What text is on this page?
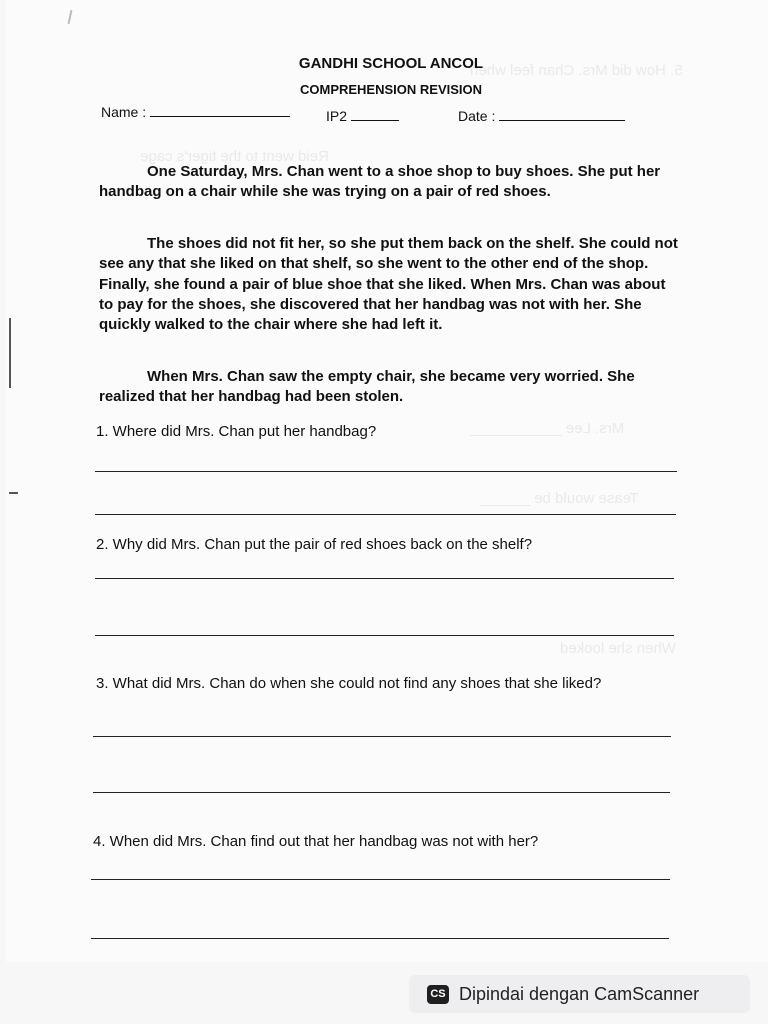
5. How did Mrs. Chan feel when
Reid went to the tiger's cage
Mrs. Lee ___________
Tease would be ______
When she looked
GANDHI SCHOOL ANCOL
COMPREHENSION REVISION
Name :	IP2	Date :
One Saturday, Mrs. Chan went to a shoe shop to buy shoes. She put her handbag on a chair while she was trying on a pair of red shoes.
The shoes did not fit her, so she put them back on the shelf. She could not see any that she liked on that shelf, so she went to the other end of the shop. Finally, she found a pair of blue shoe that she liked. When Mrs. Chan was about to pay for the shoes, she discovered that her handbag was not with her. She quickly walked to the chair where she had left it.
When Mrs. Chan saw the empty chair, she became very worried. She realized that her handbag had been stolen.
1. Where did Mrs. Chan put her handbag?
2. Why did Mrs. Chan put the pair of red shoes back on the shelf?
3. What did Mrs. Chan do when she could not find any shoes that she liked?
4. When did Mrs. Chan find out that her handbag was not with her?
CS Dipindai dengan CamScanner
